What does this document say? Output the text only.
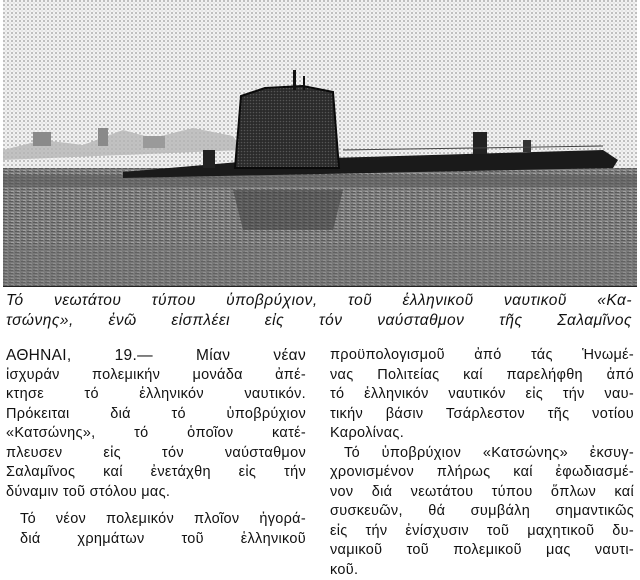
Τό νεωτάτου τύπου ὑποβρύχιον, τοῦ ἑλληνικοῦ ναυτικοῦ «Κα-
τσώνης», ἐνῶ εἰσπλέει εἰς τόν ναύσταθμον τῆς Σαλαμῖνος

ΑΘΗΝΑΙ, 19.— Μίαν νέαν
ἰσχυράν πολεμικήν μονάδα ἀπέ-
κτησε τό ἑλληνικόν ναυτικόν.
Πρόκειται διά τό ὑποβρύχιον
«Κατσώνης», τό ὁποῖον κατέ-
πλευσεν εἰς τόν ναύσταθμον
Σαλαμῖνος καί ἐνετάχθη εἰς τήν
δύναμιν τοῦ στόλου μας.

Τό νέον πολεμικόν πλοῖον ἠγορά-
διά χρημάτων τοῦ ἑλληνικοῦ

προϋπολογισμοῦ ἀπό τάς Ἡνωμέ-
νας Πολιτείας καί παρελήφθη ἀπό
τό ἑλληνικόν ναυτικόν εἰς τήν ναυ-
τικήν βάσιν Τσάρλεστον τῆς νοτίου
Καρολίνας.

Τό ὑποβρύχιον «Κατσώνης» ἐκσυγ-
χρονισμένον πλήρως καί ἐφωδιασμέ-
νον διά νεωτάτου τύπου ὅπλων καί
συσκευῶν, θά συμβάλη σημαντικῶς
εἰς τήν ἐνίσχυσιν τοῦ μαχητικοῦ δυ-
ναμικοῦ τοῦ πολεμικοῦ μας ναυτι-
κοῦ.
